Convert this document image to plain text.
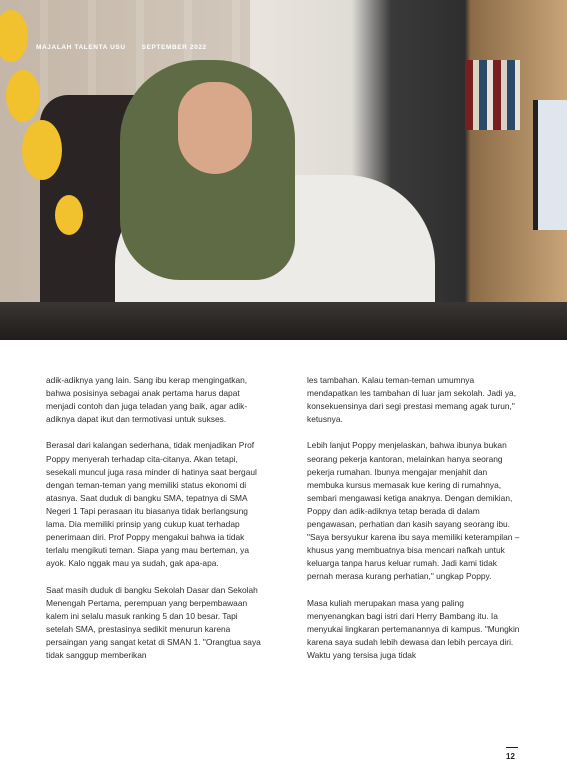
MAJALAH TALENTA USU SEPTEMBER 2022

adik-adiknya yang lain. Sang ibu kerap mengingatkan, bahwa posisinya sebagai anak pertama harus dapat menjadi contoh dan juga teladan yang baik, agar adik-adiknya dapat ikut dan termotivasi untuk sukses.

Berasal dari kalangan sederhana, tidak menjadikan Prof Poppy menyerah terhadap cita-citanya. Akan tetapi, sesekali muncul juga rasa minder di hatinya saat bergaul dengan teman-teman yang memiliki status ekonomi di atasnya. Saat duduk di bangku SMA, tepatnya di SMA Negeri 1 Tapi perasaan itu biasanya tidak berlangsung lama. Dia memiliki prinsip yang cukup kuat terhadap penerimaan diri. Prof Poppy mengakui bahwa ia tidak terlalu mengikuti teman. Siapa yang mau berteman, ya ayok. Kalo nggak mau ya sudah, gak apa-apa.

Saat masih duduk di bangku Sekolah Dasar dan Sekolah Menengah Pertama, perempuan yang berpembawaan kalem ini selalu masuk ranking 5 dan 10 besar. Tapi setelah SMA, prestasinya sedikit menurun karena persaingan yang sangat ketat di SMAN 1. "Orangtua saya tidak sanggup memberikan

les tambahan. Kalau teman-teman umumnya mendapatkan les tambahan di luar jam sekolah. Jadi ya, konsekuensinya dari segi prestasi memang agak turun," ketusnya.

Lebih lanjut Poppy menjelaskan, bahwa ibunya bukan seorang pekerja kantoran, melainkan hanya seorang pekerja rumahan. Ibunya mengajar menjahit dan membuka kursus memasak kue kering di rumahnya, sembari mengawasi ketiga anaknya. Dengan demikian, Poppy dan adik-adiknya tetap berada di dalam pengawasan, perhatian dan kasih sayang seorang ibu. "Saya bersyukur karena ibu saya memiliki keterampilan – khusus yang membuatnya bisa mencari nafkah untuk keluarga tanpa harus keluar rumah. Jadi kami tidak pernah merasa kurang perhatian," ungkap Poppy.

Masa kuliah merupakan masa yang paling menyenangkan bagi istri dari Herry Bambang itu. Ia menyukai lingkaran pertemanannya di kampus. "Mungkin karena saya sudah lebih dewasa dan lebih percaya diri. Waktu yang tersisa juga tidak

12
